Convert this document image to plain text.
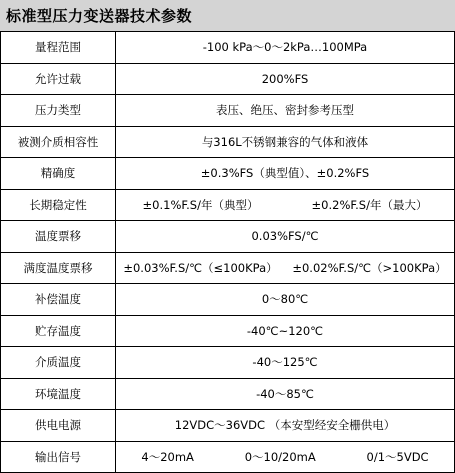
标准型压力变送器技术参数
量程范围	-100 kPa～0～2kPa…100MPa
允许过载	200%FS
压力类型	表压、绝压、密封参考压型
被测介质相容性	与316L不锈钢兼容的气体和液体
精确度	±0.3%FS（典型值）、±0.2%FS
长期稳定性	±0.1%F.S/年（典型） ±0.2%F.S/年（最大）

温度票移	0.03%FS/℃
满度温度票移	±0.03%F.S/℃（≤100KPa） ±0.02%F.S/℃（>100KPa）

补偿温度	0～80℃
贮存温度	-40℃~120℃
介质温度	-40～125℃
环境温度	-40～85℃
供电电源	12VDC～36VDC （本安型经安全栅供电）
输出信号	4～20mA 0～10/20mA 0/1～5VDC
